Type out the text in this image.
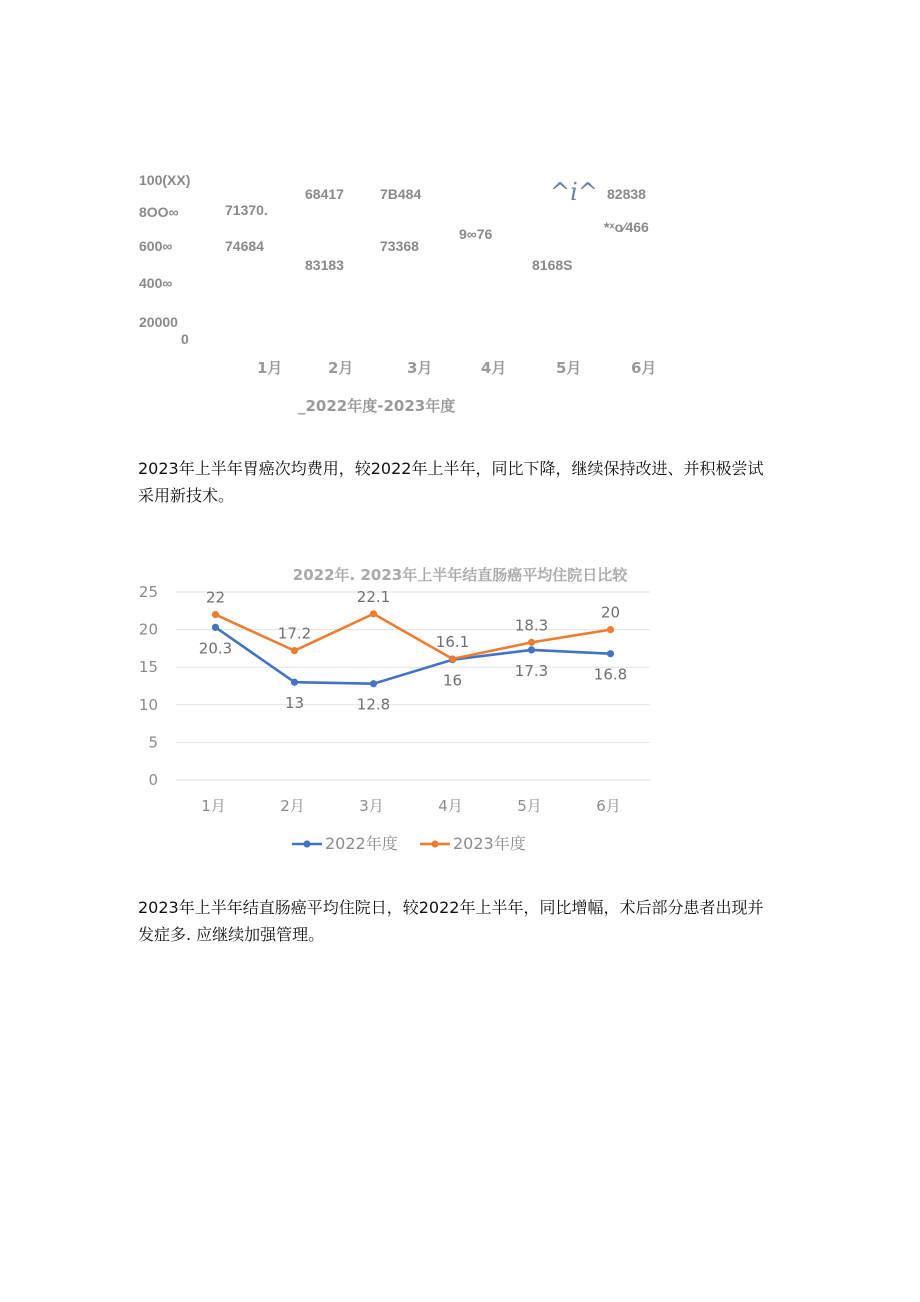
100(XX)
8OO∞
600∞
400∞
20000
0
71370.
74684
68417
83183
7B484
73368
9∞76
^i^
8168S
82838
*ˣo⁄466
1月	2月	3月	4月	5月	6月
_2022年度-2023年度

2023年上半年胃癌次均费用，较2022年上半年，同比下降，继续保持改进、并积极尝试采用新技术。

2022年. 2023年上半年结直肠癌平均住院日比较
25
20
15
10
5
0
1月	2月	3月	4月	5月	6月
20.3
13	12.8
16
17.3	16.8
22
17.2
22.1
16.1
18.3
20
2022年度	2023年度

2023年上半年结直肠癌平均住院日，较2022年上半年，同比增幅，术后部分患者出现并发症多. 应继续加强管理。
